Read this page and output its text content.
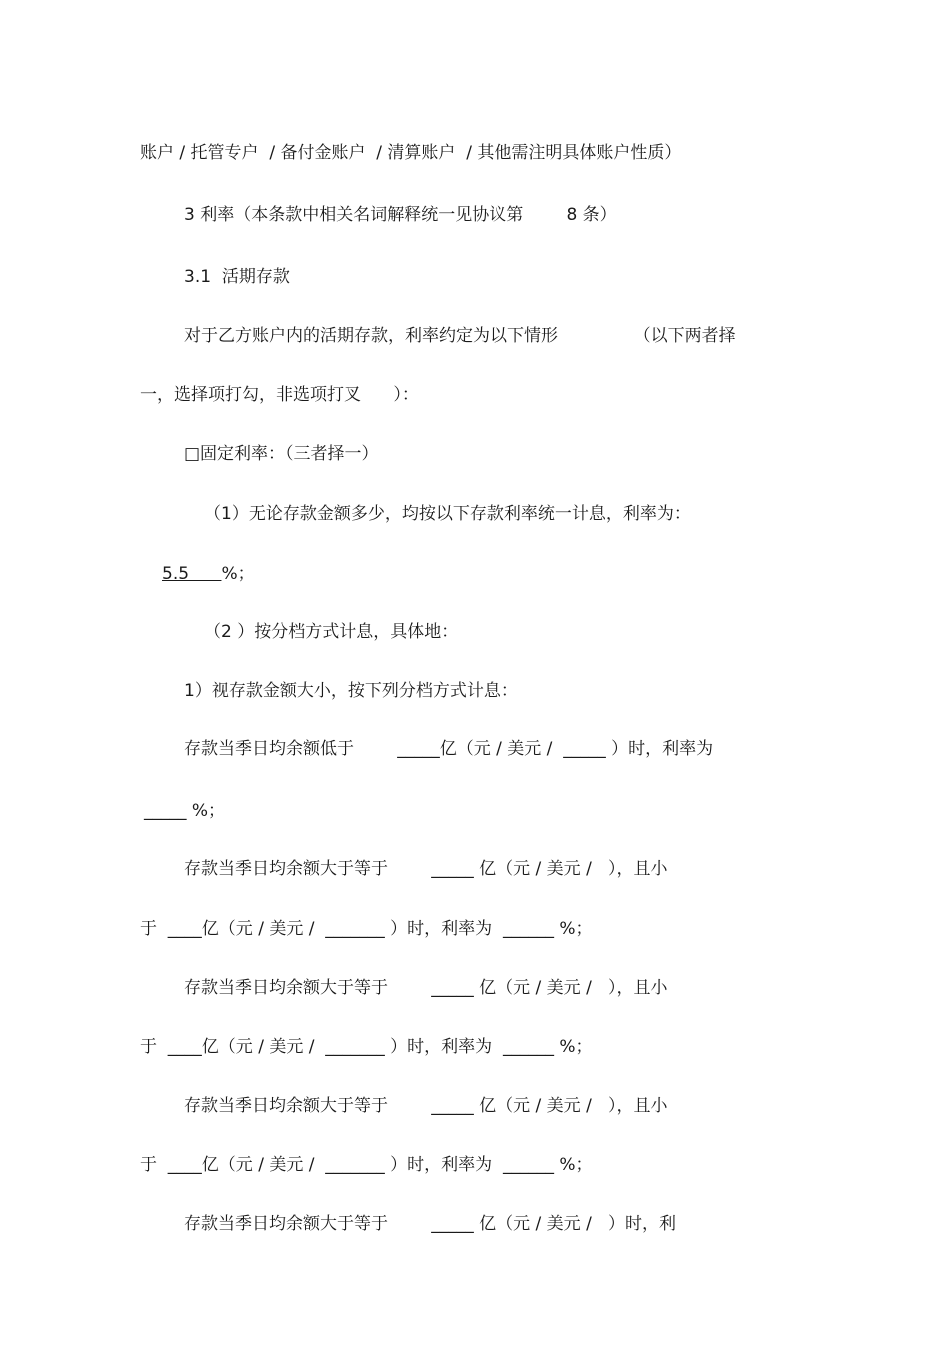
账户 / 托管专户  / 备付金账户  / 清算账户  / 其他需注明具体账户性质）

3 利率（本条款中相关名词解释统一见协议第        8 条）

3.1  活期存款

对于乙方账户内的活期存款，利率约定为以下情形              （以下两者择

一，选择项打勾，非选项打叉      ）：

□固定利率：（三者择一）

（1）无论存款金额多少，均按以下存款利率统一计息，利率为：

5.5      %；

（2 ）按分档方式计息，具体地：

1）视存款金额大小，按下列分档方式计息：

存款当季日均余额低于        _____亿（元 / 美元 /  _____ ）时，利率为

_____ %；

存款当季日均余额大于等于        _____ 亿（元 / 美元 /   ），且小

于  ____亿（元 / 美元 /  _______ ）时，利率为  ______ %；

存款当季日均余额大于等于        _____ 亿（元 / 美元 /   ），且小

于  ____亿（元 / 美元 /  _______ ）时，利率为  ______ %；

存款当季日均余额大于等于        _____ 亿（元 / 美元 /   ），且小

于  ____亿（元 / 美元 /  _______ ）时，利率为  ______ %；

存款当季日均余额大于等于        _____ 亿（元 / 美元 /   ）时，利
